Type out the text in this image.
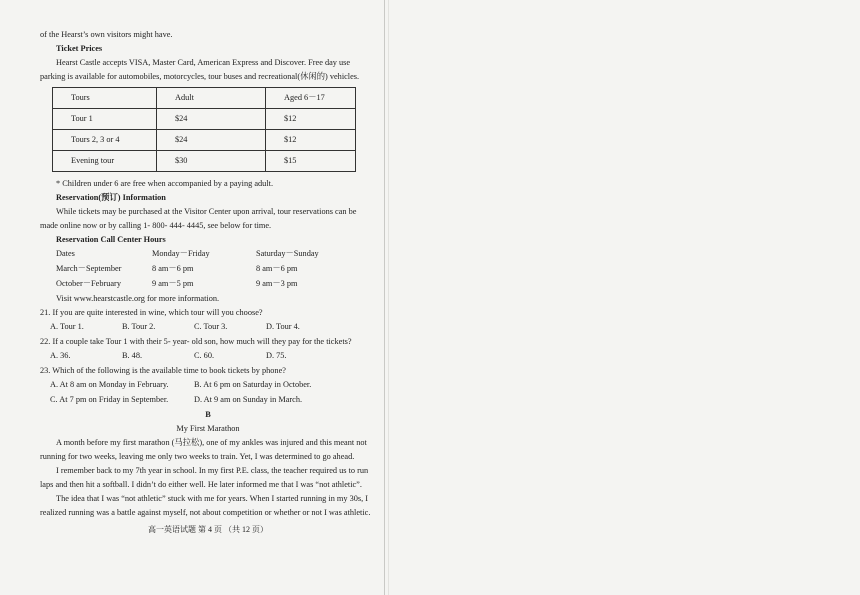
of the Hearst’s own visitors might have.

Ticket Prices

Hearst Castle accepts VISA, Master Card, American Express and Discover. Free day use parking is available for automobiles, motorcycles, tour buses and recreational(休闲的) vehicles.

Tours	Adult	Aged 6－17
Tour 1	$24	$12
Tours 2, 3 or 4	$24	$12
Evening tour	$30	$15

* Children under 6 are free when accompanied by a paying adult.

Reservation(预订) Information

While tickets may be purchased at the Visitor Center upon arrival, tour reservations can be made online now or by calling 1- 800- 444- 4445, see below for time.

Reservation Call Center Hours

Dates	Monday－Friday	Saturday－Sunday
March－September	8 am－6 pm	8 am－6 pm
October－February	9 am－5 pm	9 am－3 pm

Visit www.hearstcastle.org for more information.

21. If you are quite interested in wine, which tour will you choose?

A. Tour 1.	B. Tour 2.	C. Tour 3.	D. Tour 4.

22. If a couple take Tour 1 with their 5- year- old son, how much will they pay for the tickets?

A. 36.	B. 48.	C. 60.	D. 75.

23. Which of the following is the available time to book tickets by phone?

A. At 8 am on Monday in February.	B. At 6 pm on Saturday in October.
C. At 7 pm on Friday in September.	D. At 9 am on Sunday in March.

B

My First Marathon

A month before my first marathon (马拉松), one of my ankles was injured and this meant not running for two weeks, leaving me only two weeks to train. Yet, I was determined to go ahead.

I remember back to my 7th year in school. In my first P.E. class, the teacher required us to run laps and then hit a softball. I didn’t do either well. He later informed me that I was “not athletic”.

The idea that I was “not athletic” stuck with me for years. When I started running in my 30s, I realized running was a battle against myself, not about competition or whether or not I was athletic.

高一英语试题 第 4 页 （共 12 页）
